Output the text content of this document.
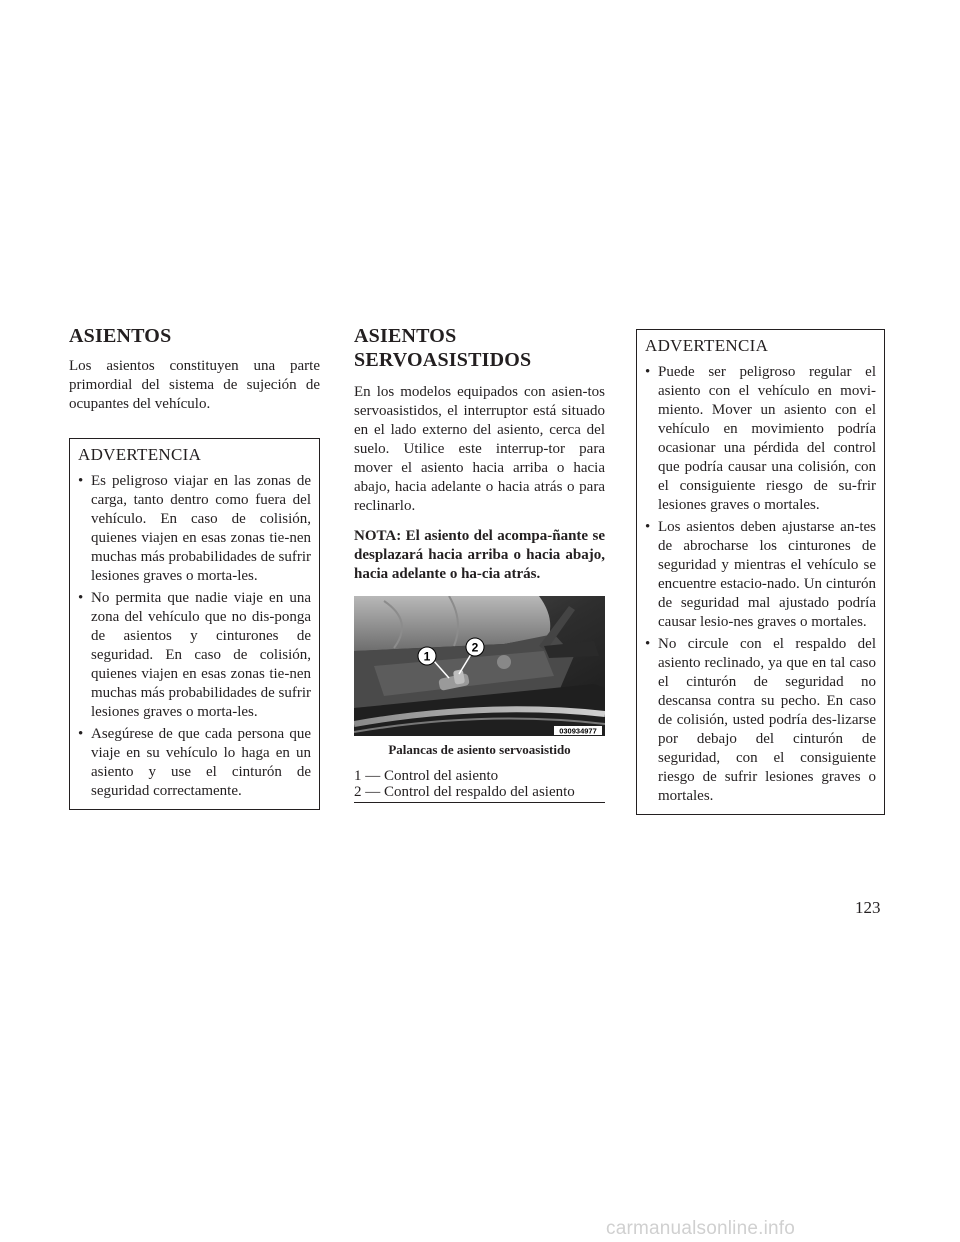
ASIENTOS

Los asientos constituyen una parte primordial del sistema de sujeción de ocupantes del vehículo.

ADVERTENCIA
• Es peligroso viajar en las zonas de carga, tanto dentro como fuera del vehículo. En caso de colisión, quienes viajen en esas zonas tie-nen muchas más probabilidades de sufrir lesiones graves o morta-les.
• No permita que nadie viaje en una zona del vehículo que no dis-ponga de asientos y cinturones de seguridad. En caso de colisión, quienes viajen en esas zonas tie-nen muchas más probabilidades de sufrir lesiones graves o morta-les.
• Asegúrese de que cada persona que viaje en su vehículo lo haga en un asiento y use el cinturón de seguridad correctamente.
ASIENTOS
SERVOASISTIDOS

En los modelos equipados con asien-tos servoasistidos, el interruptor está situado en el lado externo del asiento, cerca del suelo. Utilice este interrup-tor para mover el asiento hacia arriba o hacia abajo, hacia adelante o hacia atrás o para reclinarlo.

NOTA: El asiento del acompa-ñante se desplazará hacia arriba o hacia abajo, hacia adelante o ha-cia atrás.

1
2
030934977
Palancas de asiento servoasistido
1 — Control del asiento
2 — Control del respaldo del asiento
ADVERTENCIA
• Puede ser peligroso regular el asiento con el vehículo en movi-miento. Mover un asiento con el vehículo en movimiento podría ocasionar una pérdida del control que podría causar una colisión, con el consiguiente riesgo de su-frir lesiones graves o mortales.
• Los asientos deben ajustarse an-tes de abrocharse los cinturones de seguridad y mientras el vehículo se encuentre estacio-nado. Un cinturón de seguridad mal ajustado podría causar lesio-nes graves o mortales.
• No circule con el respaldo del asiento reclinado, ya que en tal caso el cinturón de seguridad no descansa contra su pecho. En caso de colisión, usted podría des-lizarse por debajo del cinturón de seguridad, con el consiguiente riesgo de sufrir lesiones graves o mortales.
123
carmanualsonline.info
